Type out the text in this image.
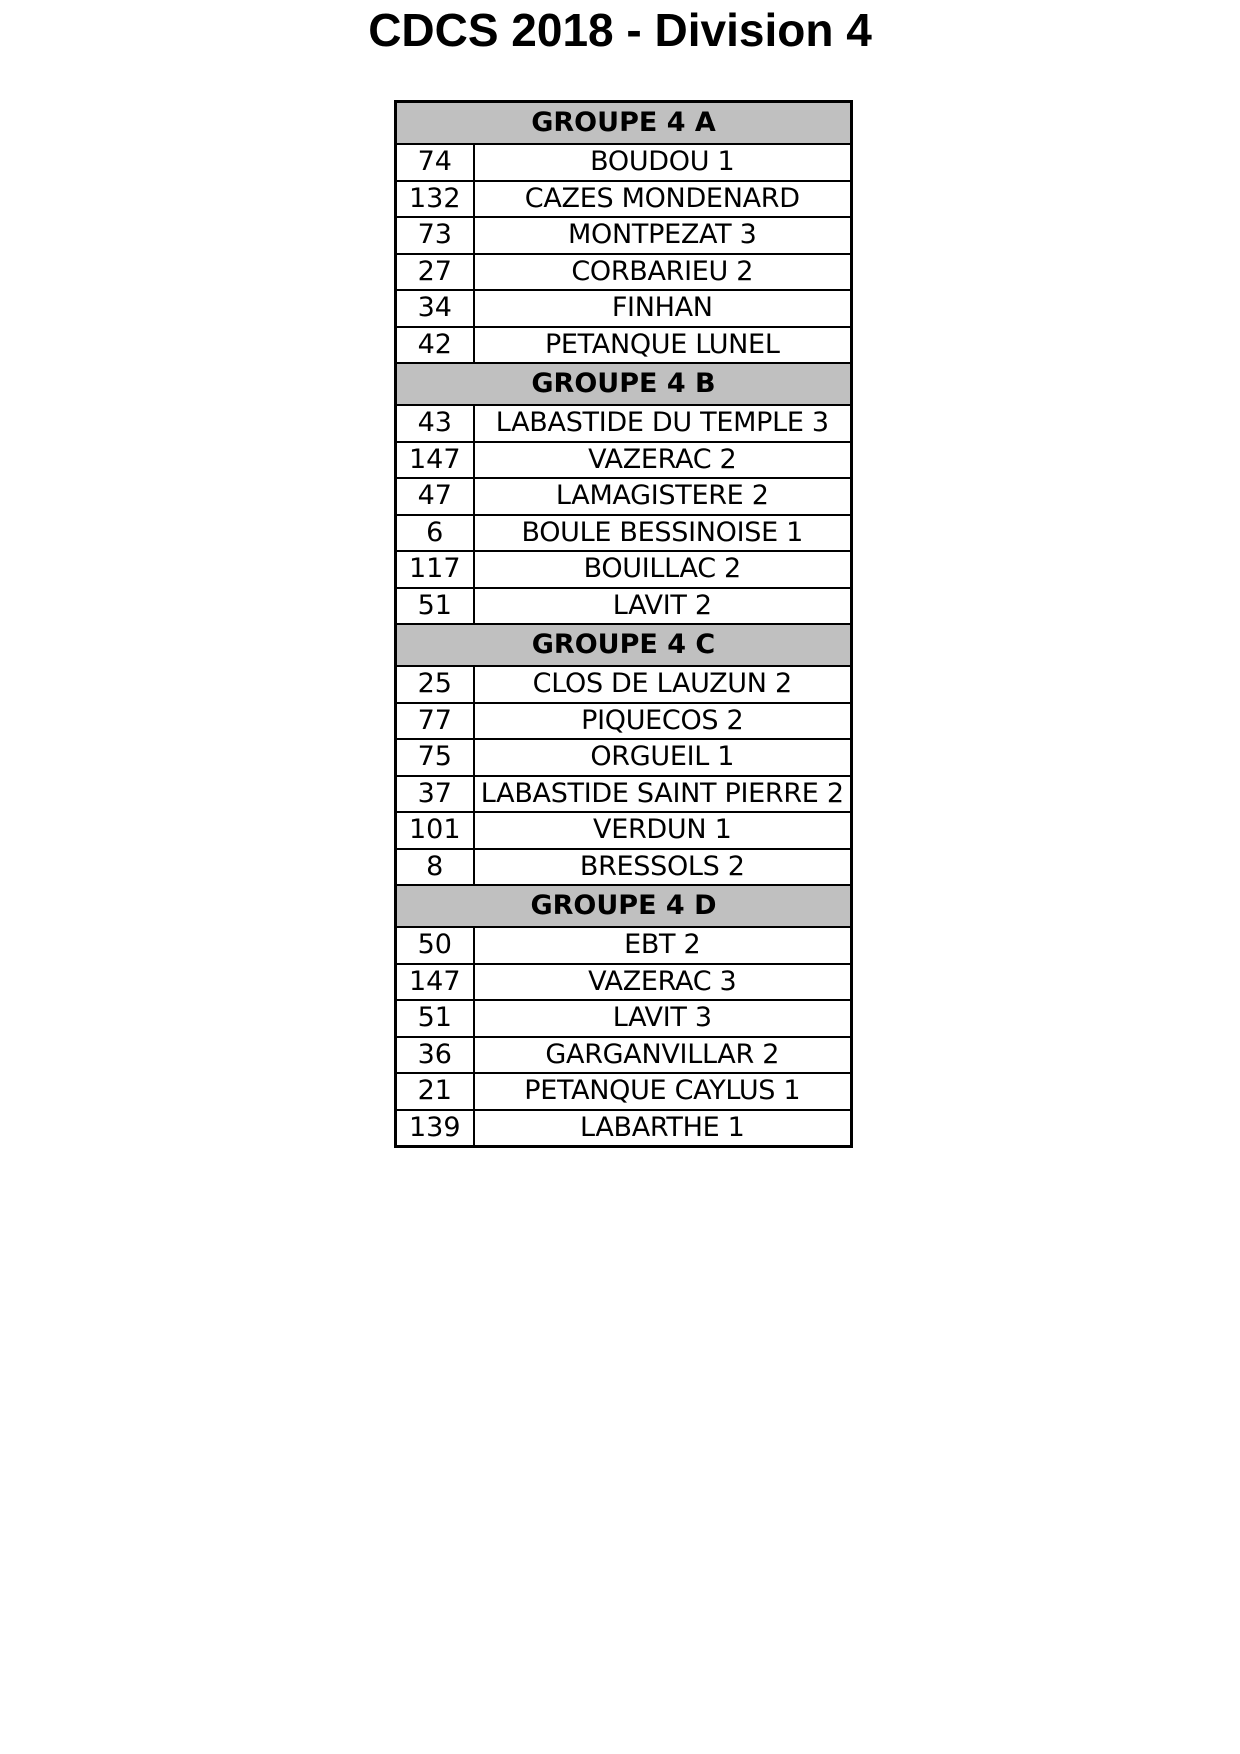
CDCS 2018 - Division 4
GROUPE 4 A	
74	BOUDOU 1
132	CAZES MONDENARD
73	MONTPEZAT 3
27	CORBARIEU 2
34	FINHAN
42	PETANQUE LUNEL
GROUPE 4 B	
43	LABASTIDE DU TEMPLE 3
147	VAZERAC 2
47	LAMAGISTERE 2
6	BOULE BESSINOISE 1
117	BOUILLAC 2
51	LAVIT 2
GROUPE 4 C	
25	CLOS DE LAUZUN 2
77	PIQUECOS 2
75	ORGUEIL 1
37	LABASTIDE SAINT PIERRE 2
101	VERDUN 1
8	BRESSOLS 2
GROUPE 4 D	
50	EBT 2
147	VAZERAC 3
51	LAVIT 3
36	GARGANVILLAR 2
21	PETANQUE CAYLUS 1
139	LABARTHE 1
